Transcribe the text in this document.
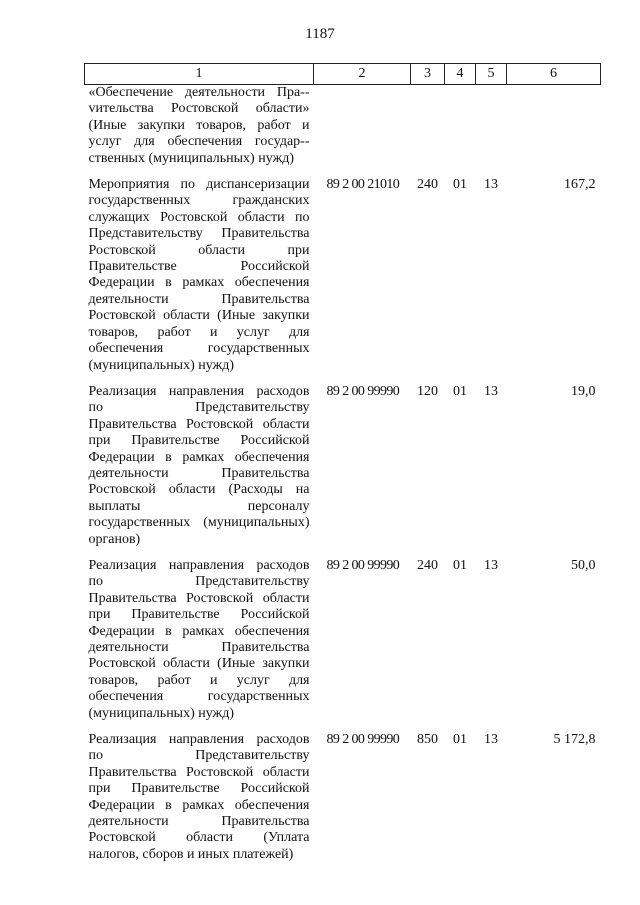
1187
1	2	3	4	5	6
«Обеспечение деятельности Пра-vительства Ростовской области» (Иные закупки товаров, работ и услуг для обеспечения государ-ственных (муниципальных) нужд)					
Мероприятия по диспансеризации государственных гражданских служащих Ростовской области по Представительству Правительства Ростовской области при Правительстве Российской Федерации в рамках обеспечения деятельности Правительства Ростовской области (Иные закупки товаров, работ и услуг для обеспечения государственных (муниципальных) нужд)	89 2 00 21010	240	01	13	167,2
Реализация направления расходов по Представительству Правительства Ростовской области при Правительстве Российской Федерации в рамках обеспечения деятельности Правительства Ростовской области (Расходы на выплаты персоналу государственных (муниципальных) органов)	89 2 00 99990	120	01	13	19,0
Реализация направления расходов по Представительству Правительства Ростовской области при Правительстве Российской Федерации в рамках обеспечения деятельности Правительства Ростовской области (Иные закупки товаров, работ и услуг для обеспечения государственных (муниципальных) нужд)	89 2 00 99990	240	01	13	50,0
Реализация направления расходов по Представительству Правительства Ростовской области при Правительстве Российской Федерации в рамках обеспечения деятельности Правительства Ростовской области (Уплата налогов, сборов и иных платежей)	89 2 00 99990	850	01	13	5 172,8
